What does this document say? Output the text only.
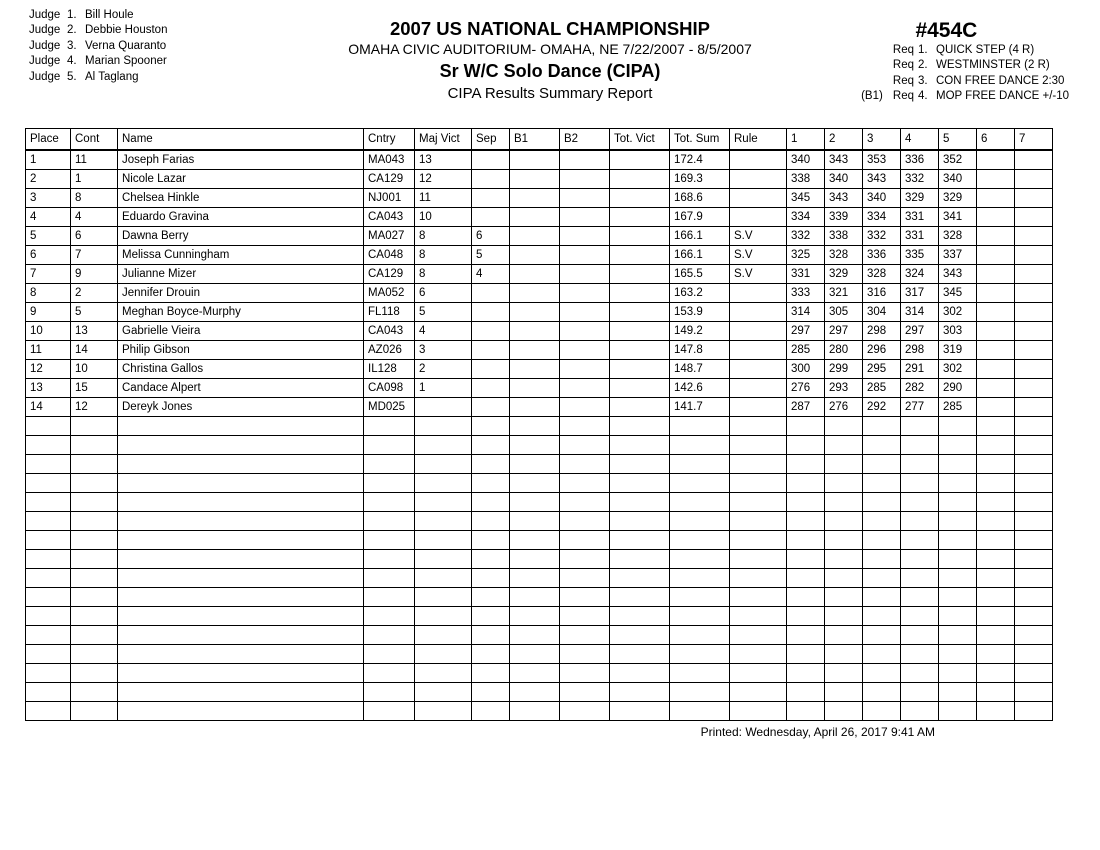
Judge 1. Bill Houle
Judge 2. Debbie Houston
Judge 3. Verna Quaranto
Judge 4. Marian Spooner
Judge 5. Al Taglang
2007 US NATIONAL CHAMPIONSHIP
OMAHA CIVIC AUDITORIUM- OMAHA, NE 7/22/2007 - 8/5/2007
Sr W/C Solo Dance (CIPA)
CIPA Results Summary Report
#454C
Req 1. QUICK STEP (4 R)
Req 2. WESTMINSTER (2 R)
Req 3. CON FREE DANCE 2:30
(B1) Req 4. MOP FREE DANCE +/-10
Place	Cont	Name	Cntry	Maj Vict	Sep	B1	B2	Tot. Vict	Tot. Sum	Rule	1	2	3	4	5	6	7
1	11	Joseph Farias	MA043	13					172.4		340	343	353	336	352		
2	1	Nicole Lazar	CA129	12					169.3		338	340	343	332	340		
3	8	Chelsea Hinkle	NJ001	11					168.6		345	343	340	329	329		
4	4	Eduardo Gravina	CA043	10					167.9		334	339	334	331	341		
5	6	Dawna Berry	MA027	8	6				166.1	S.V	332	338	332	331	328		
6	7	Melissa Cunningham	CA048	8	5				166.1	S.V	325	328	336	335	337		
7	9	Julianne Mizer	CA129	8	4				165.5	S.V	331	329	328	324	343		
8	2	Jennifer Drouin	MA052	6					163.2		333	321	316	317	345		
9	5	Meghan Boyce-Murphy	FL118	5					153.9		314	305	304	314	302		
10	13	Gabrielle Vieira	CA043	4					149.2		297	297	298	297	303		
11	14	Philip Gibson	AZ026	3					147.8		285	280	296	298	319		
12	10	Christina Gallos	IL128	2					148.7		300	299	295	291	302		
13	15	Candace Alpert	CA098	1					142.6		276	293	285	282	290		
14	12	Dereyk Jones	MD025						141.7		287	276	292	277	285		

Printed: Wednesday, April 26, 2017 9:41 AM
